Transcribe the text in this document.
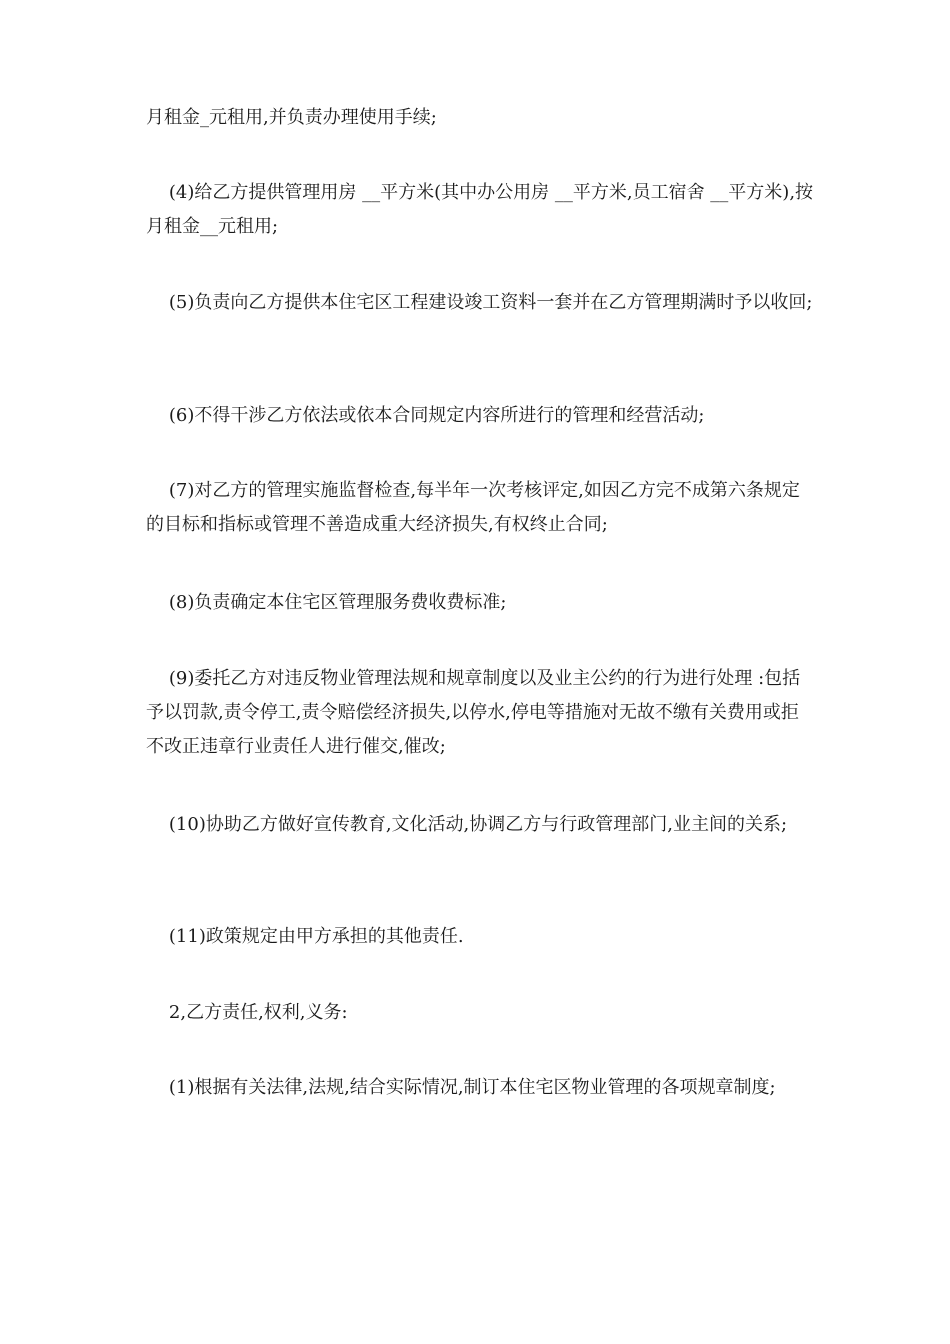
月租金_元租用,并负责办理使用手续;

(4)给乙方提供管理用房 __平方米(其中办公用房 __平方米,员工宿舍 __平方米),按月租金__元租用;

(5)负责向乙方提供本住宅区工程建设竣工资料一套并在乙方管理期满时予以收回;

(6)不得干涉乙方依法或依本合同规定内容所进行的管理和经营活动;

(7)对乙方的管理实施监督检查,每半年一次考核评定,如因乙方完不成第六条规定的目标和指标或管理不善造成重大经济损失,有权终止合同;

(8)负责确定本住宅区管理服务费收费标准;

(9)委托乙方对违反物业管理法规和规章制度以及业主公约的行为进行处理 :包括予以罚款,责令停工,责令赔偿经济损失,以停水,停电等措施对无故不缴有关费用或拒不改正违章行业责任人进行催交,催改;

(10)协助乙方做好宣传教育,文化活动,协调乙方与行政管理部门,业主间的关系;

(11)政策规定由甲方承担的其他责任.

2,乙方责任,权利,义务:

(1)根据有关法律,法规,结合实际情况,制订本住宅区物业管理的各项规章制度;
